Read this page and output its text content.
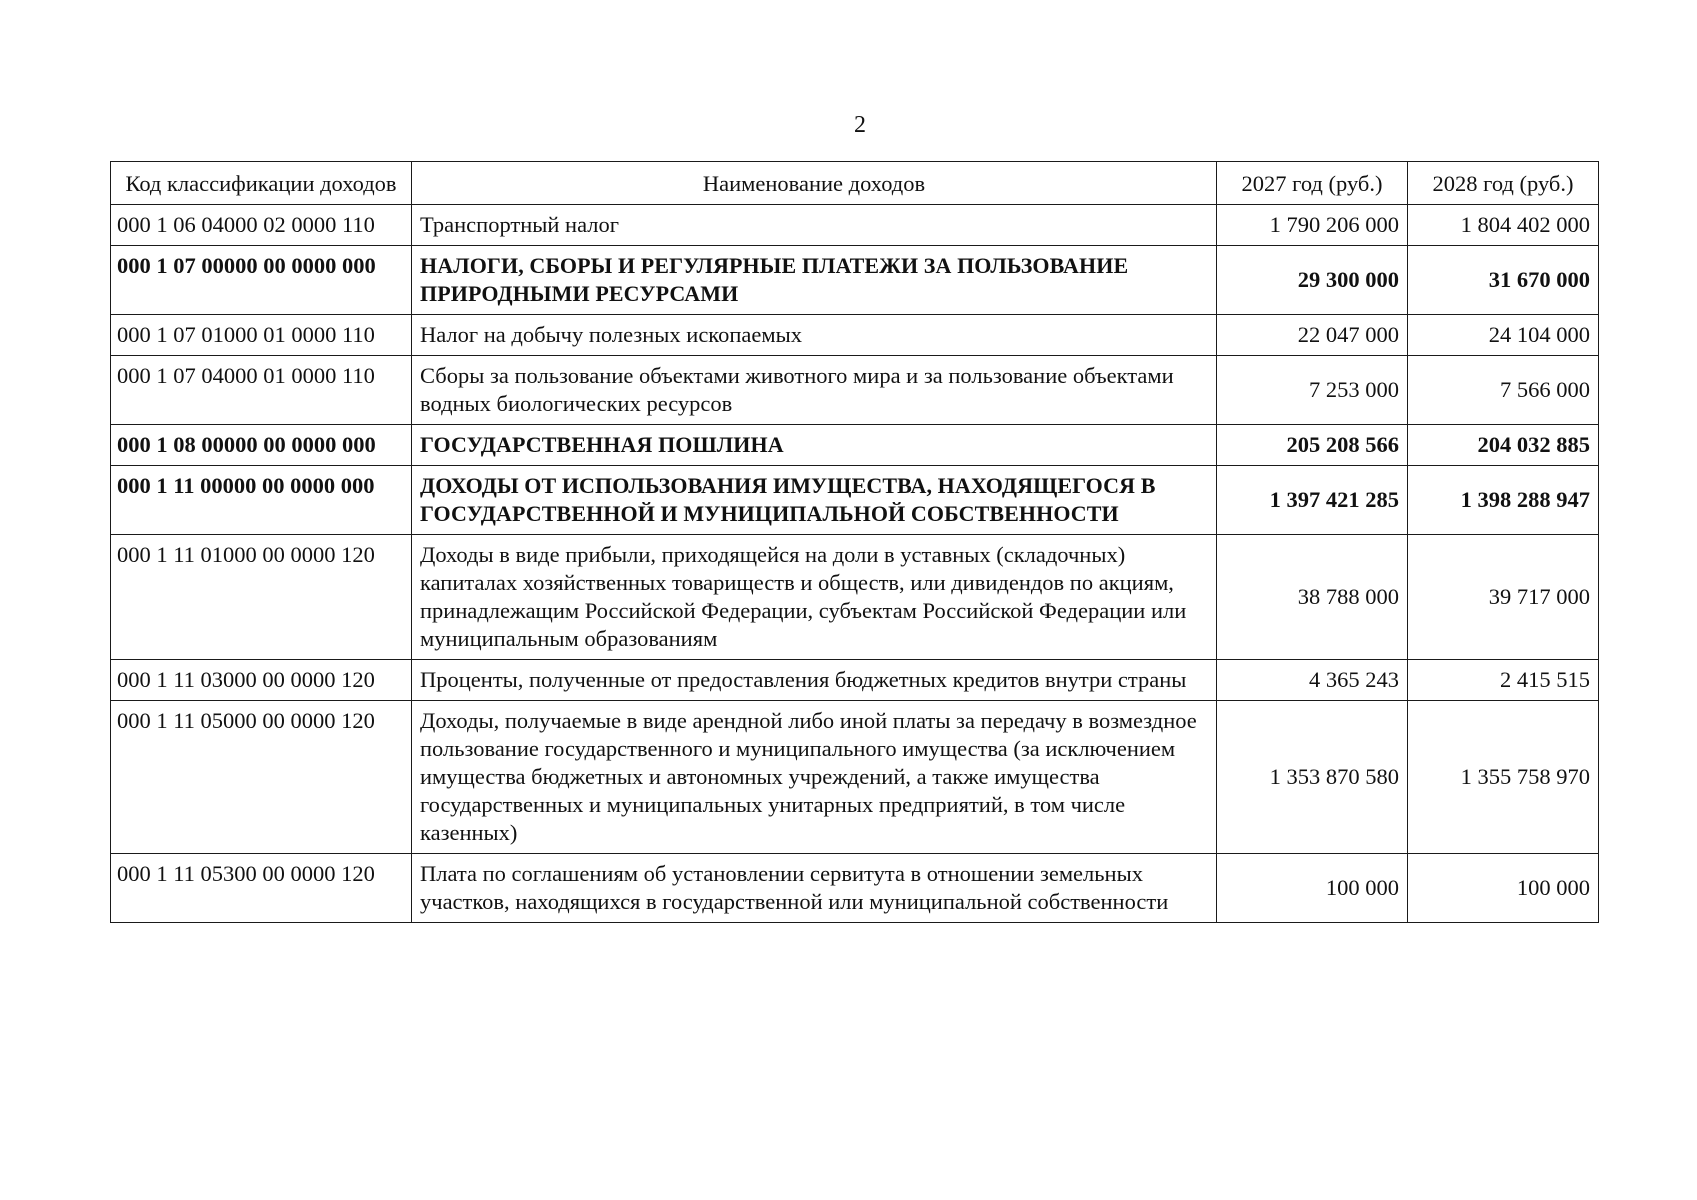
2
Код классификации доходов	Наименование доходов	2027 год (руб.)	2028 год (руб.)
000 1 06 04000 02 0000 110	Транспортный налог	1 790 206 000	1 804 402 000
000 1 07 00000 00 0000 000	НАЛОГИ, СБОРЫ И РЕГУЛЯРНЫЕ ПЛАТЕЖИ ЗА ПОЛЬЗОВАНИЕ ПРИРОДНЫМИ РЕСУРСАМИ	29 300 000	31 670 000
000 1 07 01000 01 0000 110	Налог на добычу полезных ископаемых	22 047 000	24 104 000
000 1 07 04000 01 0000 110	Сборы за пользование объектами животного мира и за пользование объектами водных биологических ресурсов	7 253 000	7 566 000
000 1 08 00000 00 0000 000	ГОСУДАРСТВЕННАЯ ПОШЛИНА	205 208 566	204 032 885
000 1 11 00000 00 0000 000	ДОХОДЫ ОТ ИСПОЛЬЗОВАНИЯ ИМУЩЕСТВА, НАХОДЯЩЕГОСЯ В ГОСУДАРСТВЕННОЙ И МУНИЦИПАЛЬНОЙ СОБСТВЕННОСТИ	1 397 421 285	1 398 288 947
000 1 11 01000 00 0000 120	Доходы в виде прибыли, приходящейся на доли в уставных (складочных) капиталах хозяйственных товариществ и обществ, или дивидендов по акциям, принадлежащим Российской Федерации, субъектам Российской Федерации или муниципальным образованиям	38 788 000	39 717 000
000 1 11 03000 00 0000 120	Проценты, полученные от предоставления бюджетных кредитов внутри страны	4 365 243	2 415 515
000 1 11 05000 00 0000 120	Доходы, получаемые в виде арендной либо иной платы за передачу в возмездное пользование государственного и муниципального имущества (за исключением имущества бюджетных и автономных учреждений, а также имущества государственных и муниципальных унитарных предприятий, в том числе казенных)	1 353 870 580	1 355 758 970
000 1 11 05300 00 0000 120	Плата по соглашениям об установлении сервитута в отношении земельных участков, находящихся в государственной или муниципальной собственности	100 000	100 000
